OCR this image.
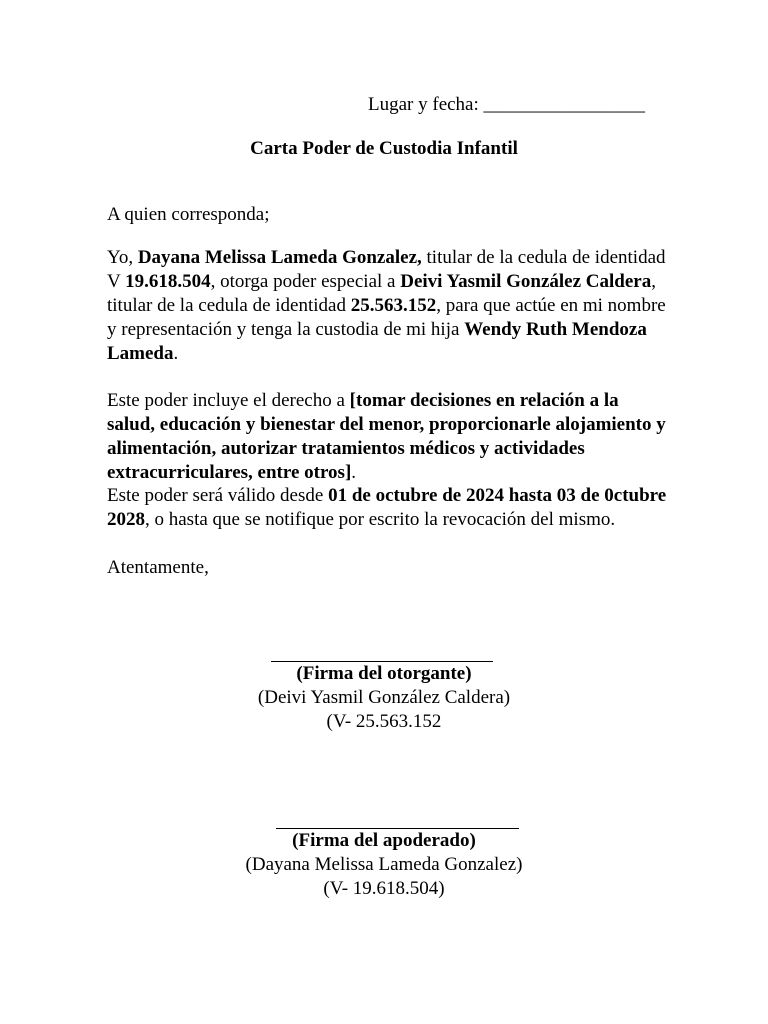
Lugar y fecha: _________________
Carta Poder de Custodia Infantil
A quien corresponda;

Yo, Dayana Melissa Lameda Gonzalez, titular de la cedula de identidad V 19.618.504, otorga poder especial a Deivi Yasmil González Caldera, titular de la cedula de identidad 25.563.152, para que actúe en mi nombre y representación y tenga la custodia de mi hija Wendy Ruth Mendoza Lameda.

Este poder incluye el derecho a [tomar decisiones en relación a la salud, educación y bienestar del menor, proporcionarle alojamiento y alimentación, autorizar tratamientos médicos y actividades extracurriculares, entre otros].

Este poder será válido desde 01 de octubre de 2024 hasta 03 de 0ctubre 2028, o hasta que se notifique por escrito la revocación del mismo.

Atentamente,
(Firma del otorgante)
(Deivi Yasmil González Caldera)
(V- 25.563.152
(Firma del apoderado)
(Dayana Melissa Lameda Gonzalez)
(V- 19.618.504)
